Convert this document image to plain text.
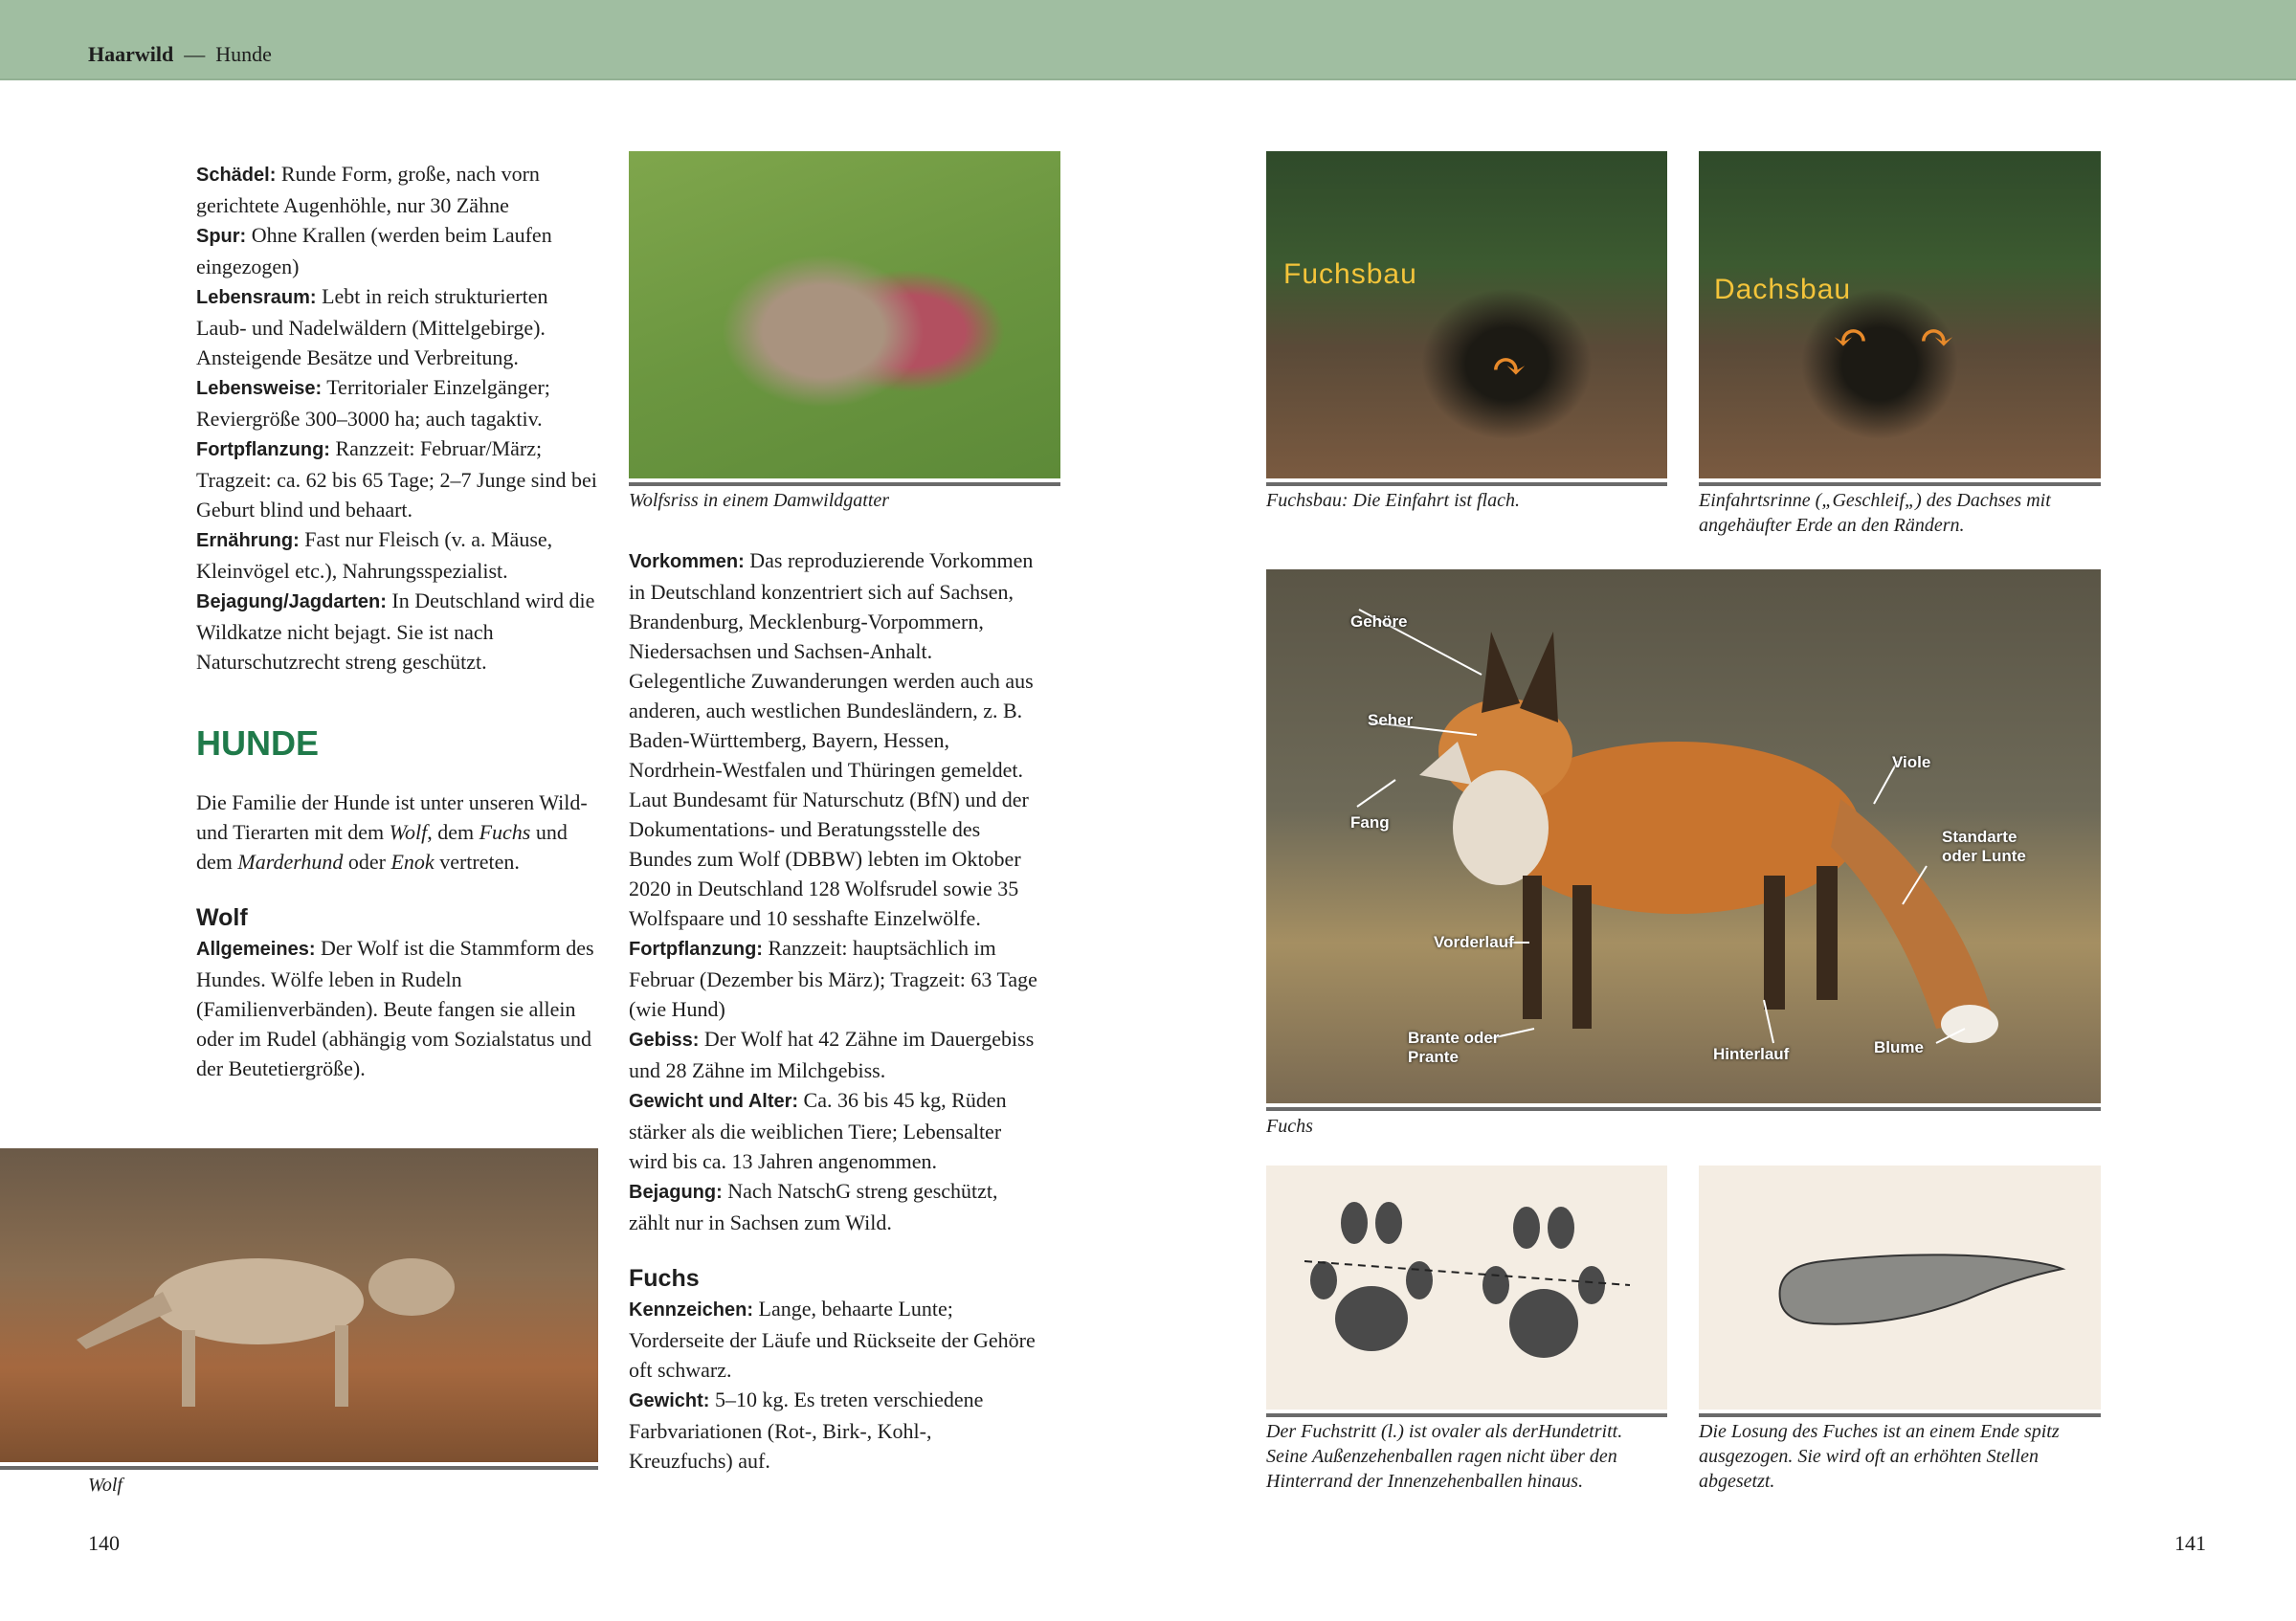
Haarwild — Hunde

Schädel: Runde Form, große, nach vorn gerichtete Augenhöhle, nur 30 Zähne

Spur: Ohne Krallen (werden beim Laufen eingezogen)

Lebensraum: Lebt in reich strukturierten Laub- und Nadelwäldern (Mittelgebirge). Ansteigende Besätze und Verbreitung.

Lebensweise: Territorialer Einzelgänger; Reviergröße 300–3000 ha; auch tagaktiv.

Fortpflanzung: Ranzzeit: Februar/März; Tragzeit: ca. 62 bis 65 Tage; 2–7 Junge sind bei Geburt blind und behaart.

Ernährung: Fast nur Fleisch (v. a. Mäuse, Kleinvögel etc.), Nahrungsspezialist.

Bejagung/Jagdarten: In Deutschland wird die Wildkatze nicht bejagt. Sie ist nach Naturschutzrecht streng geschützt.

HUNDE

Die Familie der Hunde ist unter unseren Wild- und Tierarten mit dem Wolf, dem Fuchs und dem Marderhund oder Enok vertreten.

Wolf

Allgemeines: Der Wolf ist die Stammform des Hundes. Wölfe leben in Rudeln (Familienverbänden). Beute fangen sie allein oder im Rudel (abhängig vom Sozialstatus und der Beutetiergröße).

Wolfsriss in einem Damwildgatter

Vorkommen: Das reproduzierende Vorkommen in Deutschland konzentriert sich auf Sachsen, Brandenburg, Mecklenburg-Vorpommern, Niedersachsen und Sachsen-Anhalt. Gelegentliche Zuwanderungen werden auch aus anderen, auch westlichen Bundesländern, z. B. Baden-Württemberg, Bayern, Hessen, Nordrhein-Westfalen und Thüringen gemeldet. Laut Bundesamt für Naturschutz (BfN) und der Dokumentations- und Beratungsstelle des Bundes zum Wolf (DBBW) lebten im Oktober 2020 in Deutschland 128 Wolfsrudel sowie 35 Wolfspaare und 10 sesshafte Einzelwölfe.

Fortpflanzung: Ranzzeit: hauptsächlich im Februar (Dezember bis März); Tragzeit: 63 Tage (wie Hund)

Gebiss: Der Wolf hat 42 Zähne im Dauergebiss und 28 Zähne im Milchgebiss.

Gewicht und Alter: Ca. 36 bis 45 kg, Rüden stärker als die weiblichen Tiere; Lebensalter wird bis ca. 13 Jahren angenommen.

Bejagung: Nach NatschG streng geschützt, zählt nur in Sachsen zum Wild.

Fuchs

Kennzeichen: Lange, behaarte Lunte; Vorderseite der Läufe und Rückseite der Gehöre oft schwarz.

Gewicht: 5–10 kg. Es treten verschiedene Farbvariationen (Rot-, Birk-, Kohl-, Kreuzfuchs) auf.

Wolf
140	141
Fuchsbau
↷
Fuchsbau: Die Einfahrt ist flach.
Dachsbau
↶ ↷
Einfahrtsrinne („Geschleif„) des Dachses mit angehäufter Erde an den Rändern.
Gehöre
Seher
Fang
Viole
Standarte oder Lunte
Vorderlauf
Brante oder Prante	Hinterlauf	Blume
Fuchs
Der Fuchstritt (l.) ist ovaler als derHundetritt. Seine Außenzehenballen ragen nicht über den Hinterrand der Innenzehenballen hinaus.
Die Losung des Fuches ist an einem Ende spitz ausgezogen. Sie wird oft an erhöhten Stellen abgesetzt.
